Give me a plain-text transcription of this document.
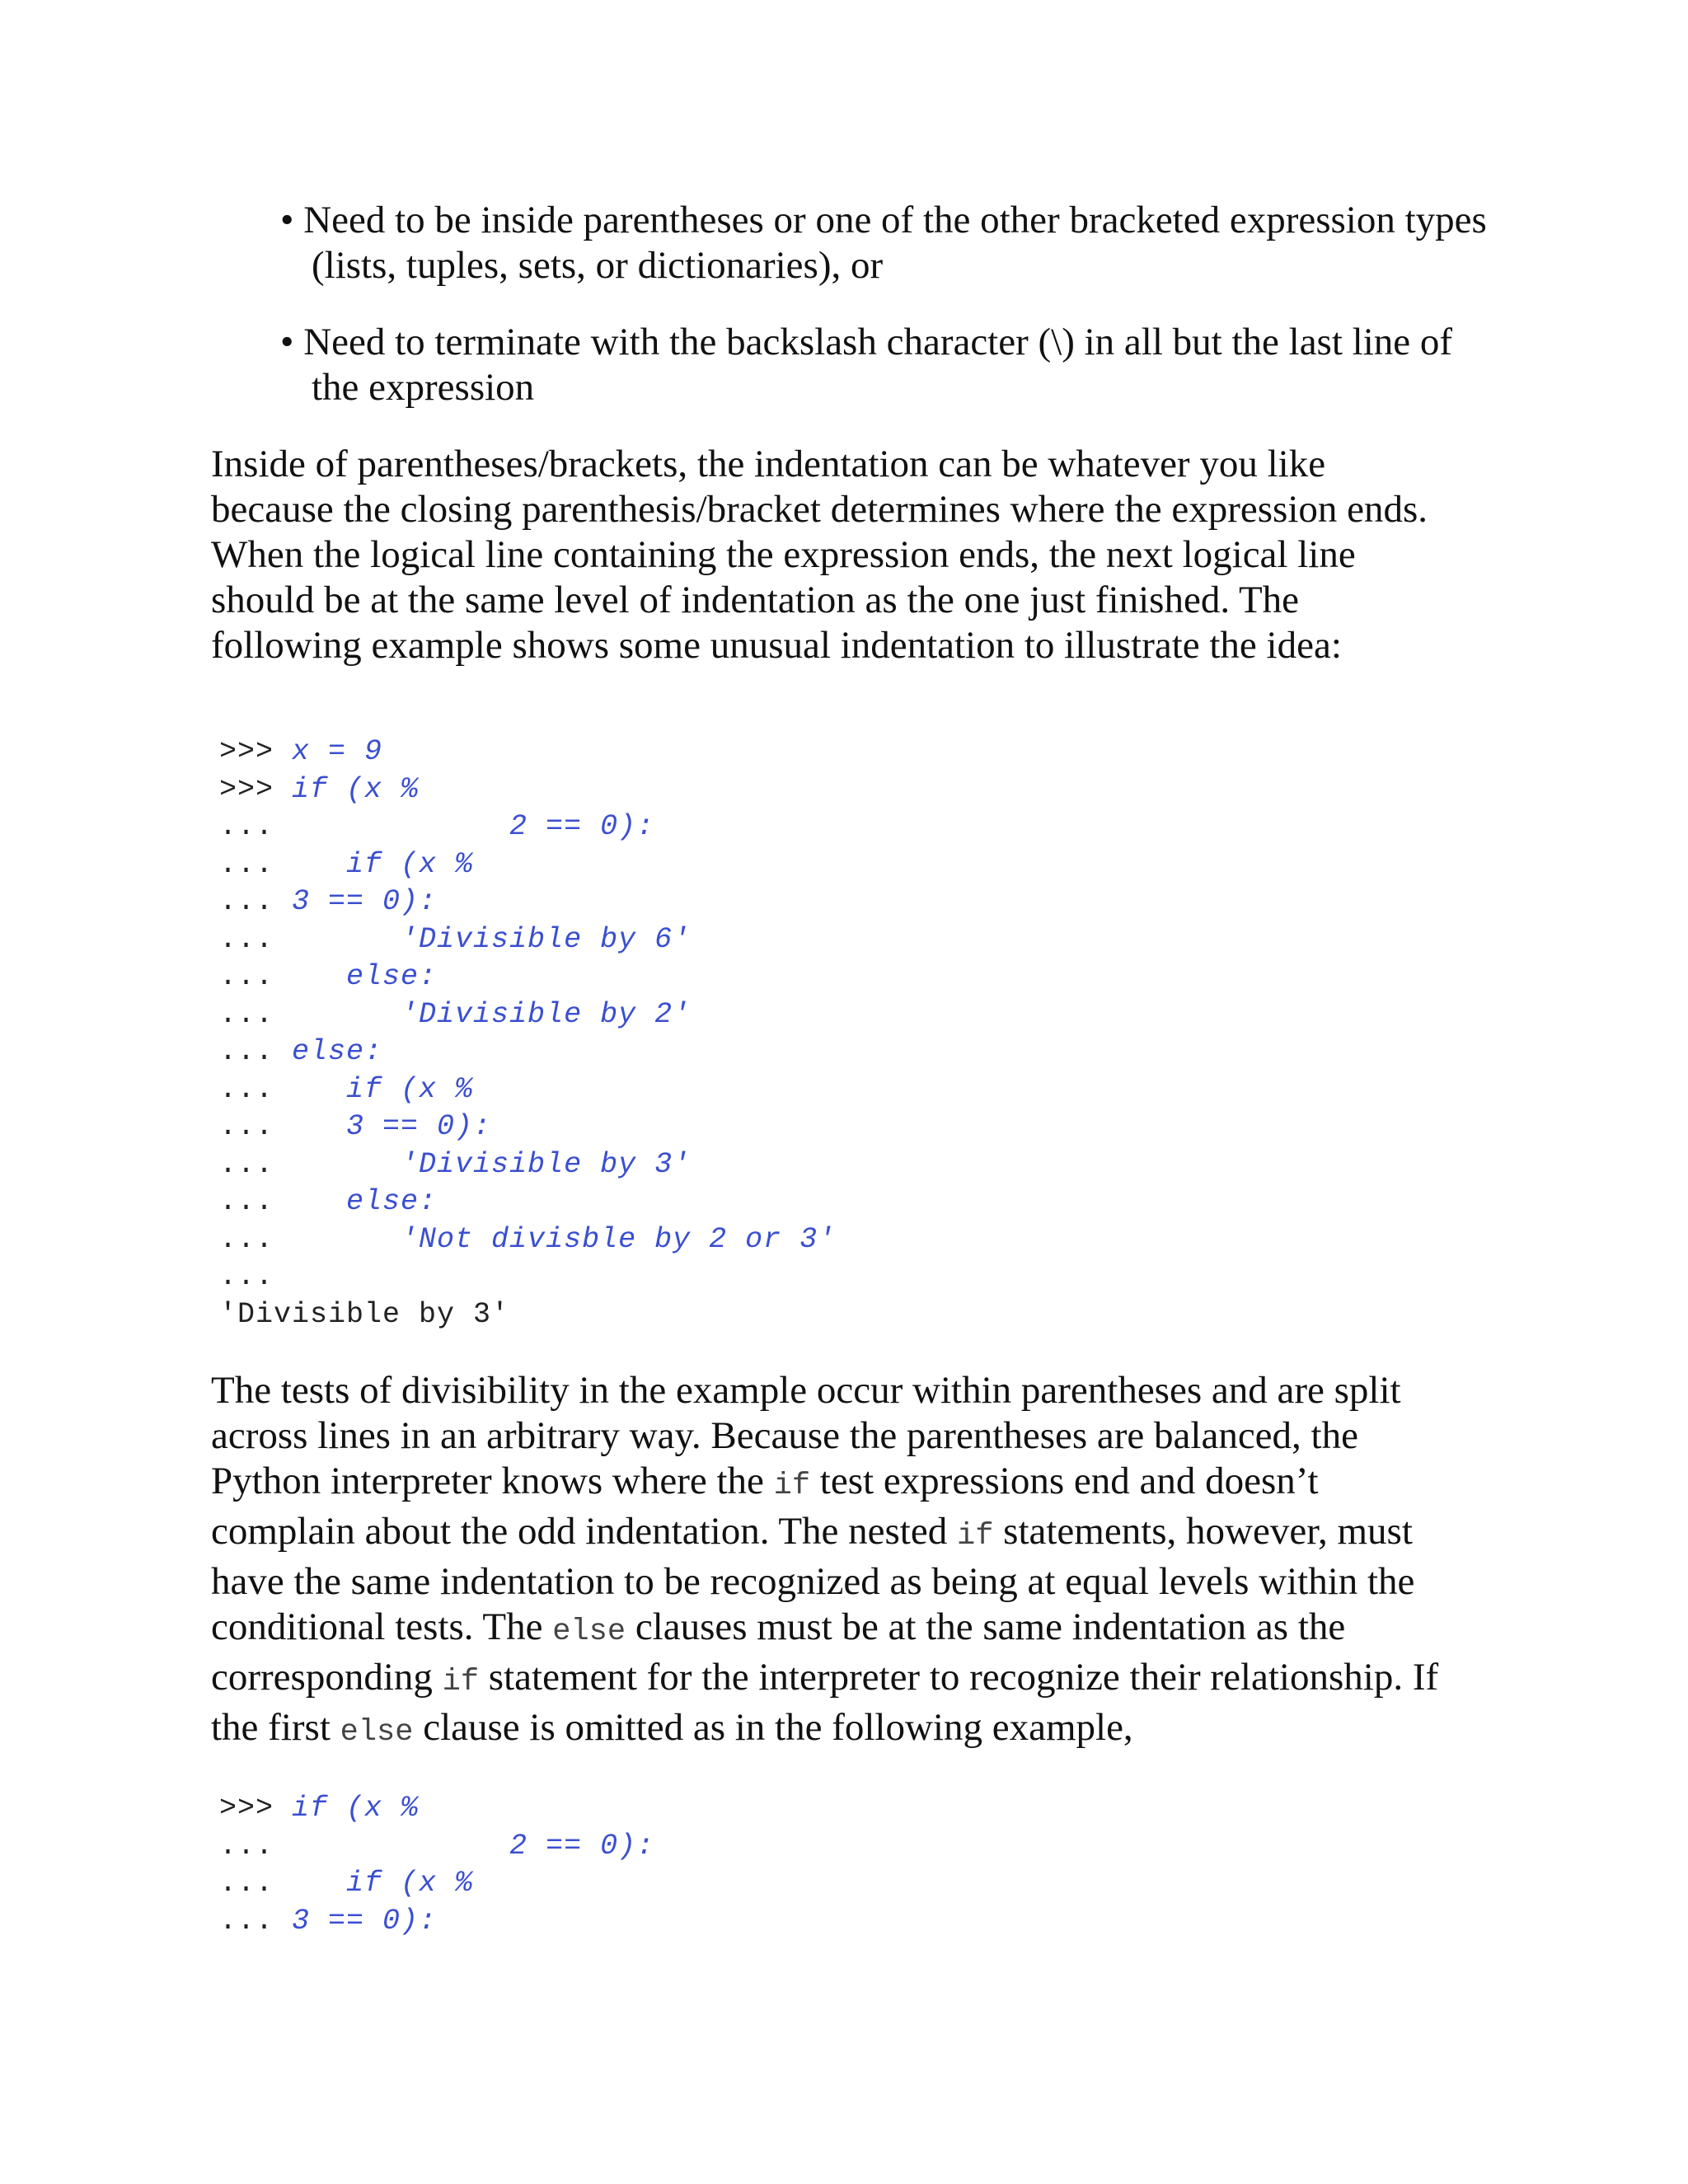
• Need to be inside parentheses or one of the other bracketed expression types (lists, tuples, sets, or dictionaries), or
• Need to terminate with the backslash character (\) in all but the last line of the expression
Inside of parentheses/brackets, the indentation can be whatever you like
because the closing parenthesis/bracket determines where the expression ends.
When the logical line containing the expression ends, the next logical line
should be at the same level of indentation as the one just finished. The
following example shows some unusual indentation to illustrate the idea:
>>> x = 9
>>> if (x %
...             2 == 0):
...    if (x %
... 3 == 0):
...       'Divisible by 6'
...    else:
...       'Divisible by 2'
... else:
...    if (x %
...    3 == 0):
...       'Divisible by 3'
...    else:
...       'Not divisble by 2 or 3'
...
'Divisible by 3'
The tests of divisibility in the example occur within parentheses and are split
across lines in an arbitrary way. Because the parentheses are balanced, the
Python interpreter knows where the if test expressions end and doesn’t
complain about the odd indentation. The nested if statements, however, must
have the same indentation to be recognized as being at equal levels within the
conditional tests. The else clauses must be at the same indentation as the
corresponding if statement for the interpreter to recognize their relationship. If
the first else clause is omitted as in the following example,
>>> if (x %
...             2 == 0):
...    if (x %
... 3 == 0):
